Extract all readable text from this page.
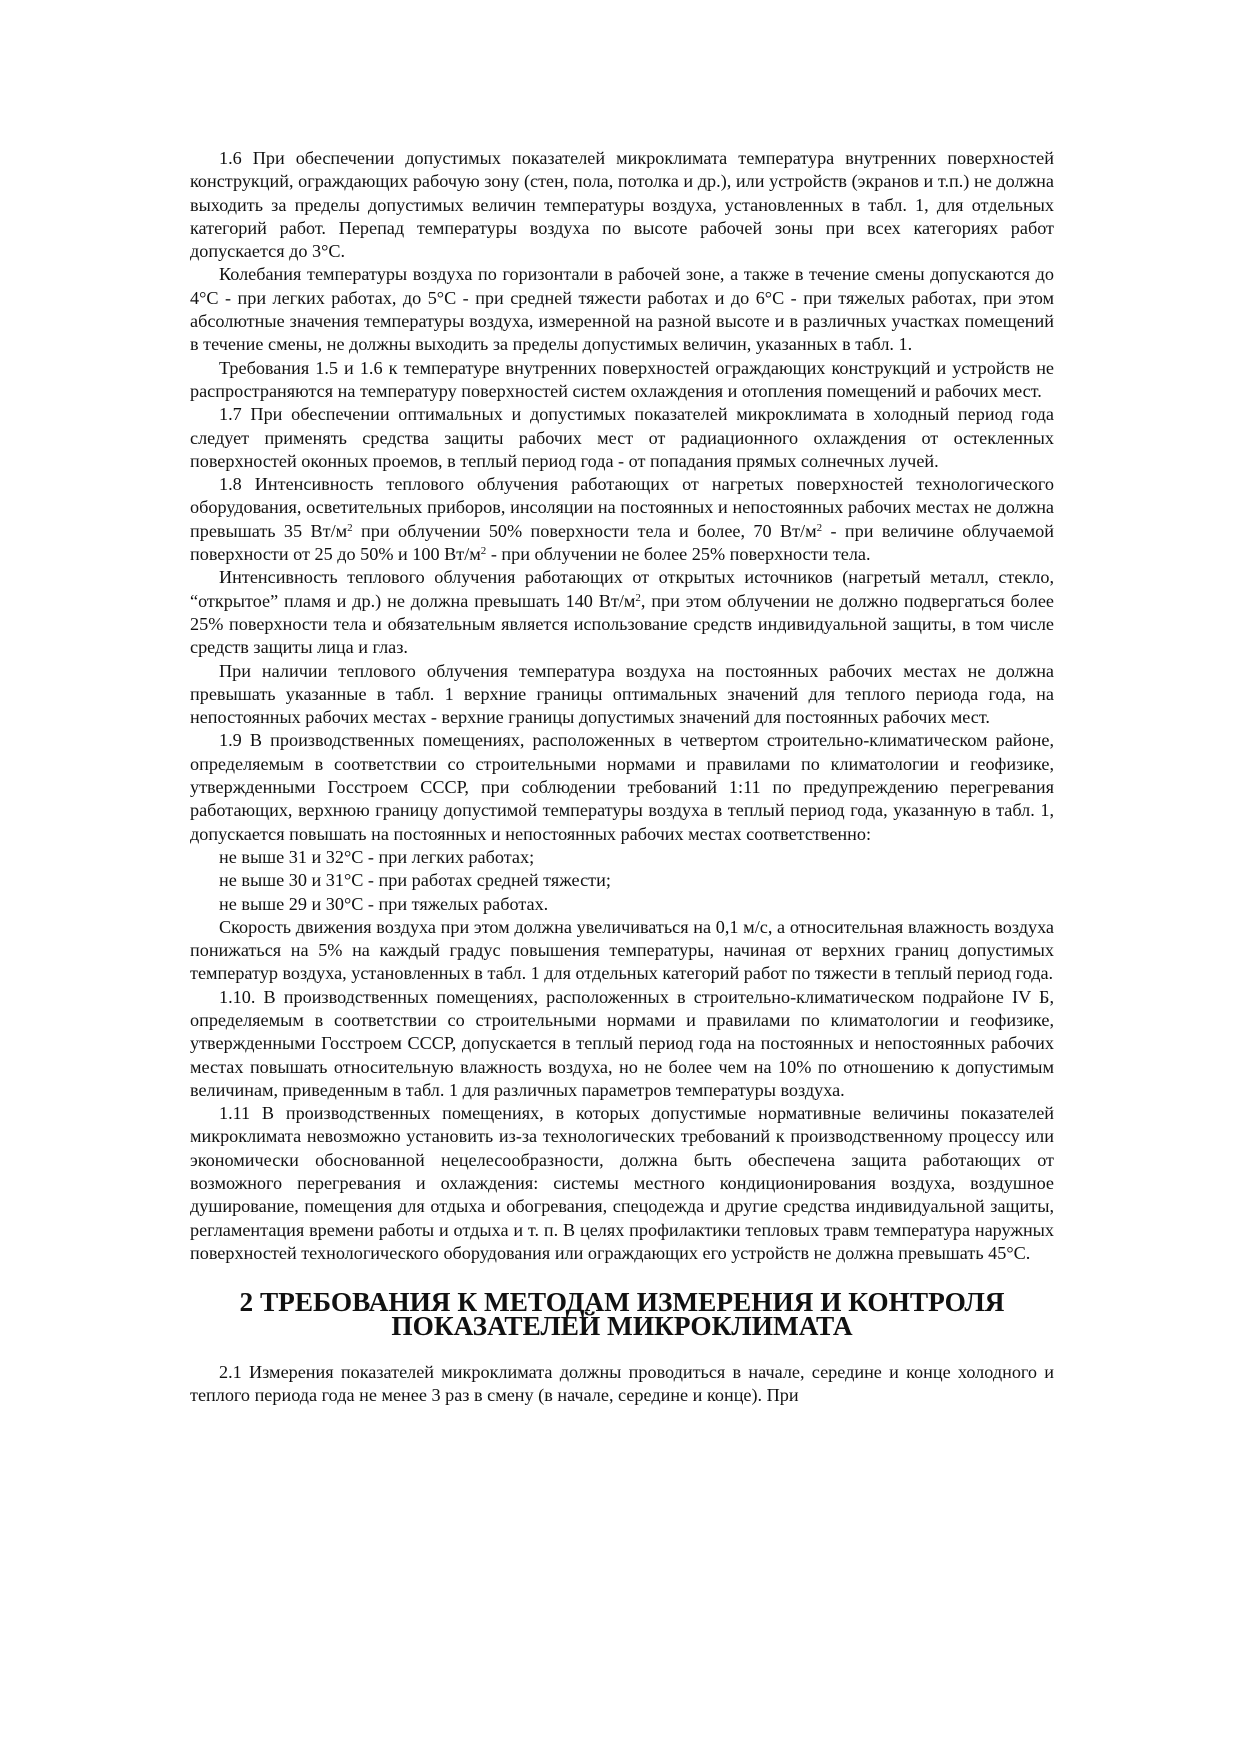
1.6 При обеспечении допустимых показателей микроклимата температура внутренних поверхностей конструкций, ограждающих рабочую зону (стен, пола, потолка и др.), или устройств (экранов и т.п.) не должна выходить за пределы допустимых величин температуры воздуха, установленных в табл. 1, для отдельных категорий работ. Перепад температуры воздуха по высоте рабочей зоны при всех категориях работ допускается до 3°С.

Колебания температуры воздуха по горизонтали в рабочей зоне, а также в течение смены допускаются до 4°С - при легких работах, до 5°С - при средней тяжести работах и до 6°С - при тяжелых работах, при этом абсолютные значения температуры воздуха, измеренной на разной высоте и в различных участках помещений в течение смены, не должны выходить за пределы допустимых величин, указанных в табл. 1.

Требования 1.5 и 1.6 к температуре внутренних поверхностей ограждающих конструкций и устройств не распространяются на температуру поверхностей систем охлаждения и отопления помещений и рабочих мест.

1.7 При обеспечении оптимальных и допустимых показателей микроклимата в холодный период года следует применять средства защиты рабочих мест от радиационного охлаждения от остекленных поверхностей оконных проемов, в теплый период года - от попадания прямых солнечных лучей.

1.8 Интенсивность теплового облучения работающих от нагретых поверхностей технологического оборудования, осветительных приборов, инсоляции на постоянных и непостоянных рабочих местах не должна превышать 35 $Вт/м^2$ при облучении 50% поверхности тела и более, 70 $Вт/м^2$ - при величине облучаемой поверхности от 25 до 50% и 100 $Вт/м^2$ - при облучении не более 25% поверхности тела.

Интенсивность теплового облучения работающих от открытых источников (нагретый металл, стекло, “открытое” пламя и др.) не должна превышать 140 $Вт/м^2$, при этом облучении не должно подвергаться более 25% поверхности тела и обязательным является использование средств индивидуальной защиты, в том числе средств защиты лица и глаз.

При наличии теплового облучения температура воздуха на постоянных рабочих местах не должна превышать указанные в табл. 1 верхние границы оптимальных значений для теплого периода года, на непостоянных рабочих местах - верхние границы допустимых значений для постоянных рабочих мест.

1.9 В производственных помещениях, расположенных в четвертом строительно-климатическом районе, определяемым в соответствии со строительными нормами и правилами по климатологии и геофизике, утвержденными Госстроем СССР, при соблюдении требований 1:11 по предупреждению перегревания работающих, верхнюю границу допустимой температуры воздуха в теплый период года, указанную в табл. 1, допускается повышать на постоянных и непостоянных рабочих местах соответственно:

не выше 31 и 32°С - при легких работах;

не выше 30 и 31°С - при работах средней тяжести;

не выше 29 и 30°С - при тяжелых работах.

Скорость движения воздуха при этом должна увеличиваться на 0,1 м/с, а относительная влажность воздуха понижаться на 5% на каждый градус повышения температуры, начиная от верхних границ допустимых температур воздуха, установленных в табл. 1 для отдельных категорий работ по тяжести в теплый период года.

1.10. В производственных помещениях, расположенных в строительно-климатическом подрайоне IV Б, определяемым в соответствии со строительными нормами и правилами по климатологии и геофизике, утвержденными Госстроем СССР, допускается в теплый период года на постоянных и непостоянных рабочих местах повышать относительную влажность воздуха, но не более чем на 10% по отношению к допустимым величинам, приведенным в табл. 1 для различных параметров температуры воздуха.

1.11 В производственных помещениях, в которых допустимые нормативные величины показателей микроклимата невозможно установить из-за технологических требований к производственному процессу или экономически обоснованной нецелесообразности, должна быть обеспечена защита работающих от возможного перегревания и охлаждения: системы местного кондиционирования воздуха, воздушное душирование, помещения для отдыха и обогревания, спецодежда и другие средства индивидуальной защиты, регламентация времени работы и отдыха и т. п. В целях профилактики тепловых травм температура наружных поверхностей технологического оборудования или ограждающих его устройств не должна превышать 45°С.

2 ТРЕБОВАНИЯ К МЕТОДАМ ИЗМЕРЕНИЯ И КОНТРОЛЯ ПОКАЗАТЕЛЕЙ МИКРОКЛИМАТА

2.1 Измерения показателей микроклимата должны проводиться в начале, середине и конце холодного и теплого периода года не менее 3 раз в смену (в начале, середине и конце). При
